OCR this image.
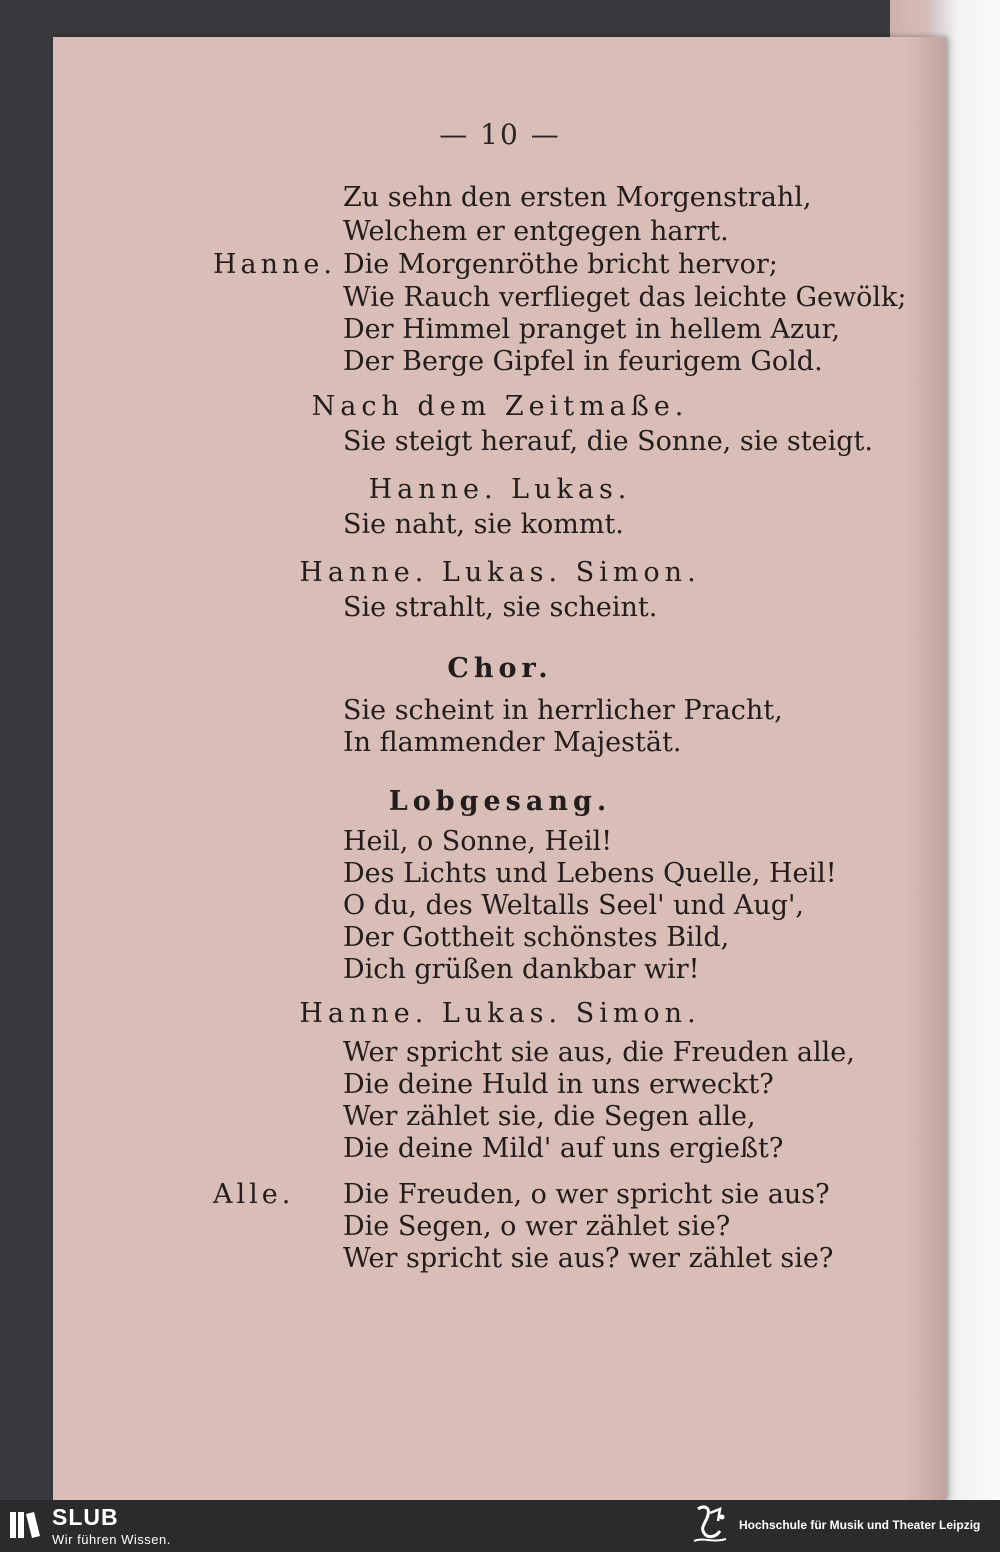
— 10 —
Zu sehn den ersten Morgenstrahl,
Welchem er entgegen harrt.
Hanne. Die Morgenröthe bricht hervor;
Wie Rauch verflieget das leichte Gewölk;
Der Himmel pranget in hellem Azur,
Der Berge Gipfel in feurigem Gold.
Nach dem Zeitmaße.
Sie steigt herauf, die Sonne, sie steigt.
Hanne. Lukas.
Sie naht, sie kommt.
Hanne. Lukas. Simon.
Sie strahlt, sie scheint.
Chor.
Sie scheint in herrlicher Pracht,
In flammender Majestät.
Lobgesang.
Heil, o Sonne, Heil!
Des Lichts und Lebens Quelle, Heil!
O du, des Weltalls Seel' und Aug',
Der Gottheit schönstes Bild,
Dich grüßen dankbar wir!
Hanne. Lukas. Simon.
Wer spricht sie aus, die Freuden alle,
Die deine Huld in uns erweckt?
Wer zählet sie, die Segen alle,
Die deine Mild' auf uns ergießt?
Alle. Die Freuden, o wer spricht sie aus?
Die Segen, o wer zählet sie?
Wer spricht sie aus? wer zählet sie?
SLUB
Wir führen Wissen.
Hochschule für Musik und Theater Leipzig
